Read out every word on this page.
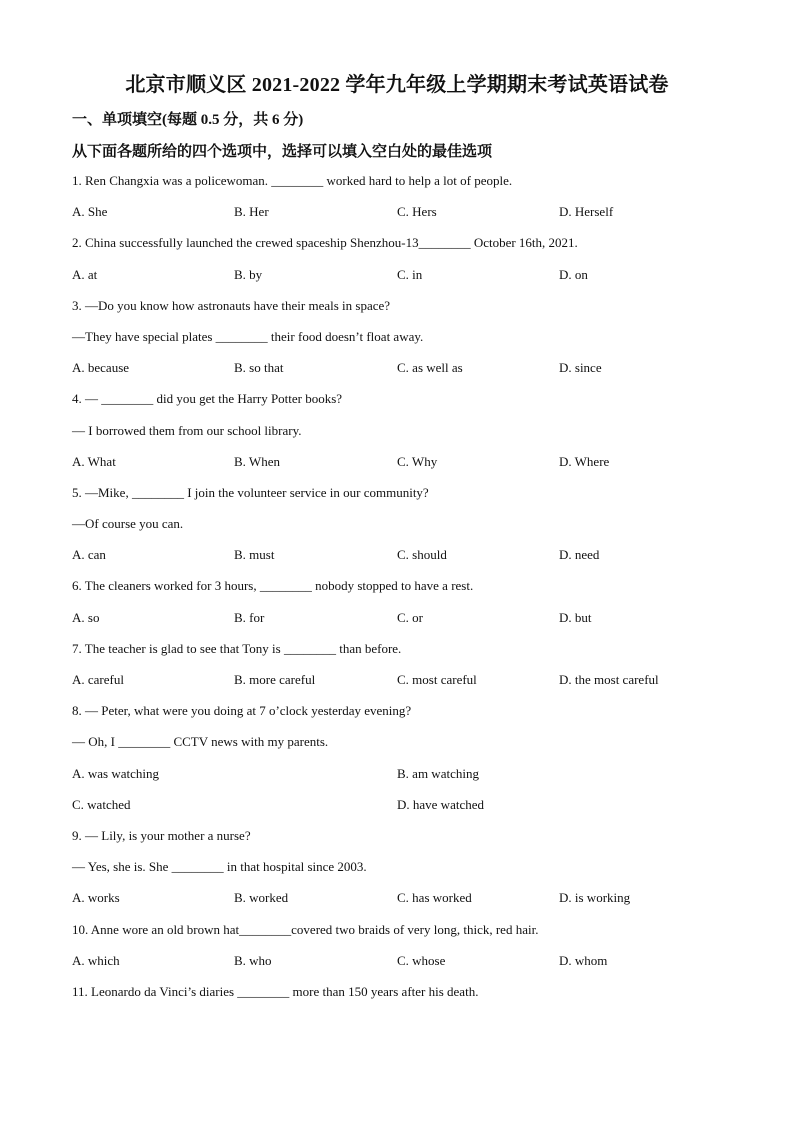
北京市顺义区 2021-2022 学年九年级上学期期末考试英语试卷
一、单项填空(每题 0.5 分，共 6 分)
从下面各题所给的四个选项中，选择可以填入空白处的最佳选项
1. Ren Changxia was a policewoman. ________ worked hard to help a lot of people.
A. She	B. Her	C. Hers	D. Herself
2. China successfully launched the crewed spaceship Shenzhou-13________ October 16th, 2021.
A. at	B. by	C. in	D. on
3. —Do you know how astronauts have their meals in space?
—They have special plates ________ their food doesn’t float away.
A. because	B. so that	C. as well as	D. since
4. — ________ did you get the Harry Potter books?
— I borrowed them from our school library.
A. What	B. When	C. Why	D. Where
5. —Mike, ________ I join the volunteer service in our community?
—Of course you can.
A. can	B. must	C. should	D. need
6. The cleaners worked for 3 hours, ________ nobody stopped to have a rest.
A. so	B. for	C. or	D. but
7. The teacher is glad to see that Tony is ________ than before.
A. careful	B. more careful	C. most careful	D. the most careful
8. — Peter, what were you doing at 7 o’clock yesterday evening?
— Oh, I ________ CCTV news with my parents.
A. was watching	B. am watching
C. watched	D. have watched
9. — Lily, is your mother a nurse?
— Yes, she is. She ________ in that hospital since 2003.
A. works	B. worked	C. has worked	D. is working
10. Anne wore an old brown hat________covered two braids of very long, thick, red hair.
A. which	B. who	C. whose	D. whom
11. Leonardo da Vinci’s diaries ________ more than 150 years after his death.
